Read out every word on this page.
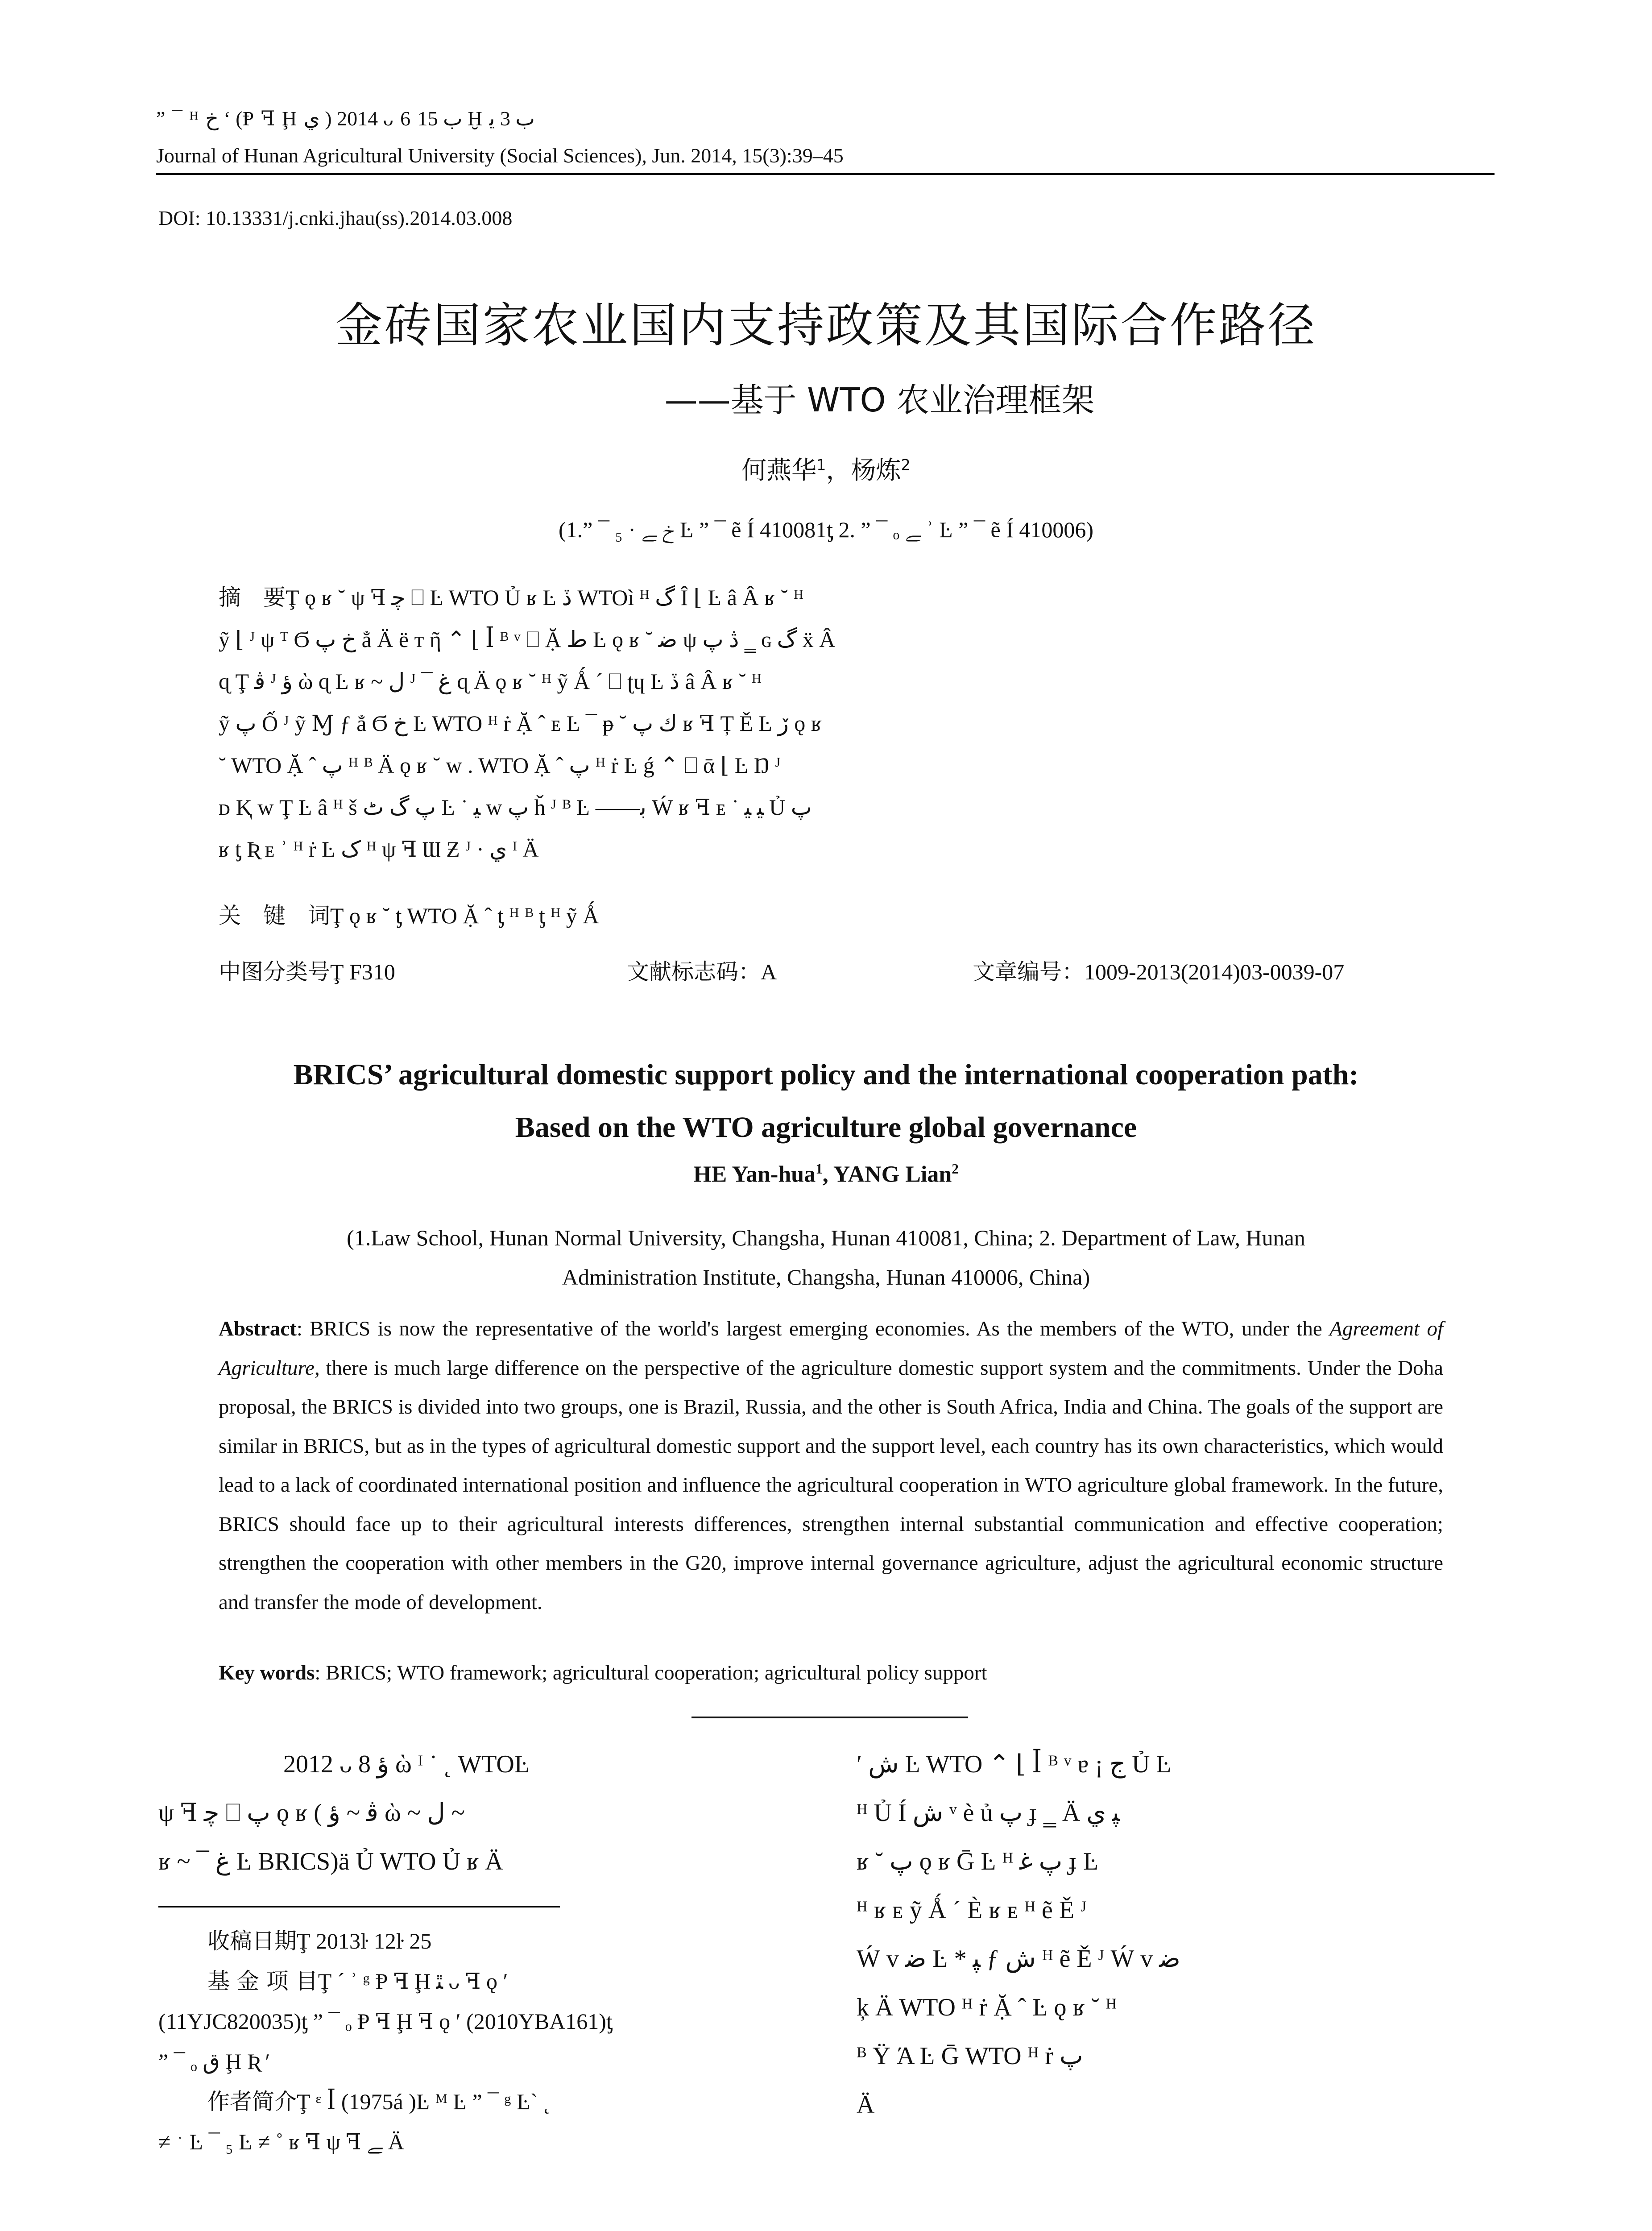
” ¯ ᴴ ﺥ ʻ (Ᵽ ꟻ Ḩ ي ) 2014 ᴗ 6 ب 15 Ḫ ب 3 ﯾ
Journal of Hunan Agricultural University (Social Sciences), Jun. 2014, 15(3):39–45
DOI: 10.13331/j.cnki.jhau(ss).2014.03.008
金砖国家农业国内支持政策及其国际合作路径
——基于 WTO 农业治理框架
何燕华$^1$，杨炼$^2$
(1.” ¯ ₅ · ﺥ ﮯ Ŀ ” ¯ ẽ Í 410081ƫ 2. ” ¯ ₒ ﮯ ʾ Ŀ ” ¯ ẽ Í 410006)
摘　要Ţ ǫ ʁ ˘ ψ ꟻ ﭼ ⎕ Ŀ WTO Ủ ʁ Ŀ ڏ WTOì ᴴ ﮒ Î ⌊ Ŀ â Â ʁ ˘ ᴴ
ỹ ⌊ ᴶ ψ ᵀ Ϭ ﺥ ﭖ ẳ Ä ë ᴛ ῆ ⌃ ⌊ ꟾ ᴮ ᵛ ⎕ Ặ ﻁ Ŀ ǫ ʁ ˘ ﺿ ψ ڎ ﭖ ‗ ɢ ﮒ ẍ Â
ɋ Ţ ﭬ ᴶ ؤ ὼ ɋ Ŀ ʁ ~ ﻝ ᴶ ¯ ﻍ ɋ Ä ǫ ʁ ˘ ᴴ ỹ Ǻ ˊ ⎕ ʈɥ Ŀ ڏ â Â ʁ ˘ ᴴ
ỹ ﭖ Ố ᴶ ỹ Ɱ ƒ ẳ Ϭ ﺥ Ŀ WTO ᴴ ṙ Ặ ˆ ᴇ Ŀ ¯ ᵽ ˘ ﻙ ﭖ ʁ ꟻ Ț Ě Ŀ ڒ ǫ ʁ
˘ WTO Ặ ˆ ﭖ ᴴ ᴮ Ä ǫ ʁ ˘ ᴡ . WTO Ặ ˆ ﭖ ᴴ ṙ Ŀ ǵ ⌃ ⎕ ᾱ ⌊ Ŀ Ŋ ᴶ
ᴅ Ⱪ ᴡ Ţ Ŀ â ᴴ š ﭖ ﮒ ﭦ Ŀ ˙ ﻴ ᴡ ﭖ ȟ ᴶ ᴮ Ŀ ——ﺑ Ẃ ʁ ꟻ ᴇ ˙ ﻴ ﻴ Ủ ﭖ
ʁ ƫ Ʀ ᴇ ʾ ᴴ ṙ Ŀ ﮎ ᴴ ψ ꟻ Ɯ Ƶ ᴶ · ﻱ ᴵ Ä
关　键　词Ţ ǫ ʁ ˘ ƫ WTO Ặ ˆ ƫ ᴴ ᴮ ƫ ᴴ ỹ Ǻ
中图分类号Ţ F310	文献标志码：A	文章编号：1009-2013(2014)03-0039-07
BRICS’ agricultural domestic support policy and the international cooperation path:
Based on the WTO agriculture global governance
HE Yan-hua$^1$, YANG Lian$^2$
(1.Law School, Hunan Normal University, Changsha, Hunan 410081, China; 2. Department of Law, Hunan
Administration Institute, Changsha, Hunan 410006, China)
Abstract: BRICS is now the representative of the world's largest emerging economies. As the members of the WTO, under the Agreement of Agriculture, there is much large difference on the perspective of the agriculture domestic support system and the commitments. Under the Doha proposal, the BRICS is divided into two groups, one is Brazil, Russia, and the other is South Africa, India and China. The goals of the support are similar in BRICS, but as in the types of agricultural domestic support and the support level, each country has its own characteristics, which would lead to a lack of coordinated international position and influence the agricultural cooperation in WTO agriculture global framework. In the future, BRICS should face up to their agricultural interests differences, strengthen internal substantial communication and effective cooperation; strengthen the cooperation with other members in the G20, improve internal governance agriculture, adjust the agricultural economic structure and transfer the mode of development.
Key words: BRICS; WTO framework; agricultural cooperation; agricultural policy support
2012 ᴗ 8 ؤ ὼ ᴵ ˙ ˛ WTOĿ
ψ ꟻ ﭼ ⎕ ﭖ ǫ ʁ ( ﭬ ~ ؤ ὼ ~ ﻝ ~
ʁ ~ ¯ ﻍ Ŀ BRICS)ä Ủ WTO Ủ ʁ Ä
ʹ ﺵ Ŀ WTO ⌃ ⌊ ꟾ ᴮ ᵛ ɐ ¡ ﺝ Ủ Ŀ
ᴴ Ủ Í ﺵ ᵛ è ủ ﭖ ɟ ‗ Ä ﭙ ﻱ
ʁ ˘ ﭖ ǫ ʁ Ḡ Ŀ ᴴ ﭖ ﻏ ɟ Ŀ
ᴴ ʁ ᴇ ỹ Ǻ ˊ È ʁ ᴇ ᴴ ẽ Ě ᴶ
Ẃ ᴠ ﺿ Ŀ * ﭙ ƒ ﺵ ᴴ ẽ Ě ᴶ Ẃ ᴠ ﺿ
ķ Ä WTO ᴴ ṙ Ặ ˆ Ŀ ǫ ʁ ˘ ᴴ
ᴮ Ÿ Ά Ŀ Ḡ WTO ᴴ ṙ ﭖ
Ä
收稿日期Ţ 2013ŀ 12ŀ 25
基 金 项 目Ţ ˊ ʾ ᵍ Ᵽ ꟻ Ḩ ﭥ ᴗ ꟻ ǫ ʹ
(11YJC820035)ƫ ” ¯ ₒ Ᵽ ꟻ Ḩ ꟻ ǫ ʹ (2010YBA161)ƫ
” ¯ ₒ ﻕ Ḩ Ʀ ʹ
作者简介Ţ ᵋ ꟾ (1975á )Ŀ ᴹ Ŀ ” ¯ ᵍ Ŀ` ˛
≠ ﮲ Ŀ ¯ ₅ Ŀ ≠ ˚ ʁ ꟻ ψ ꟻ ﮯ Ä
